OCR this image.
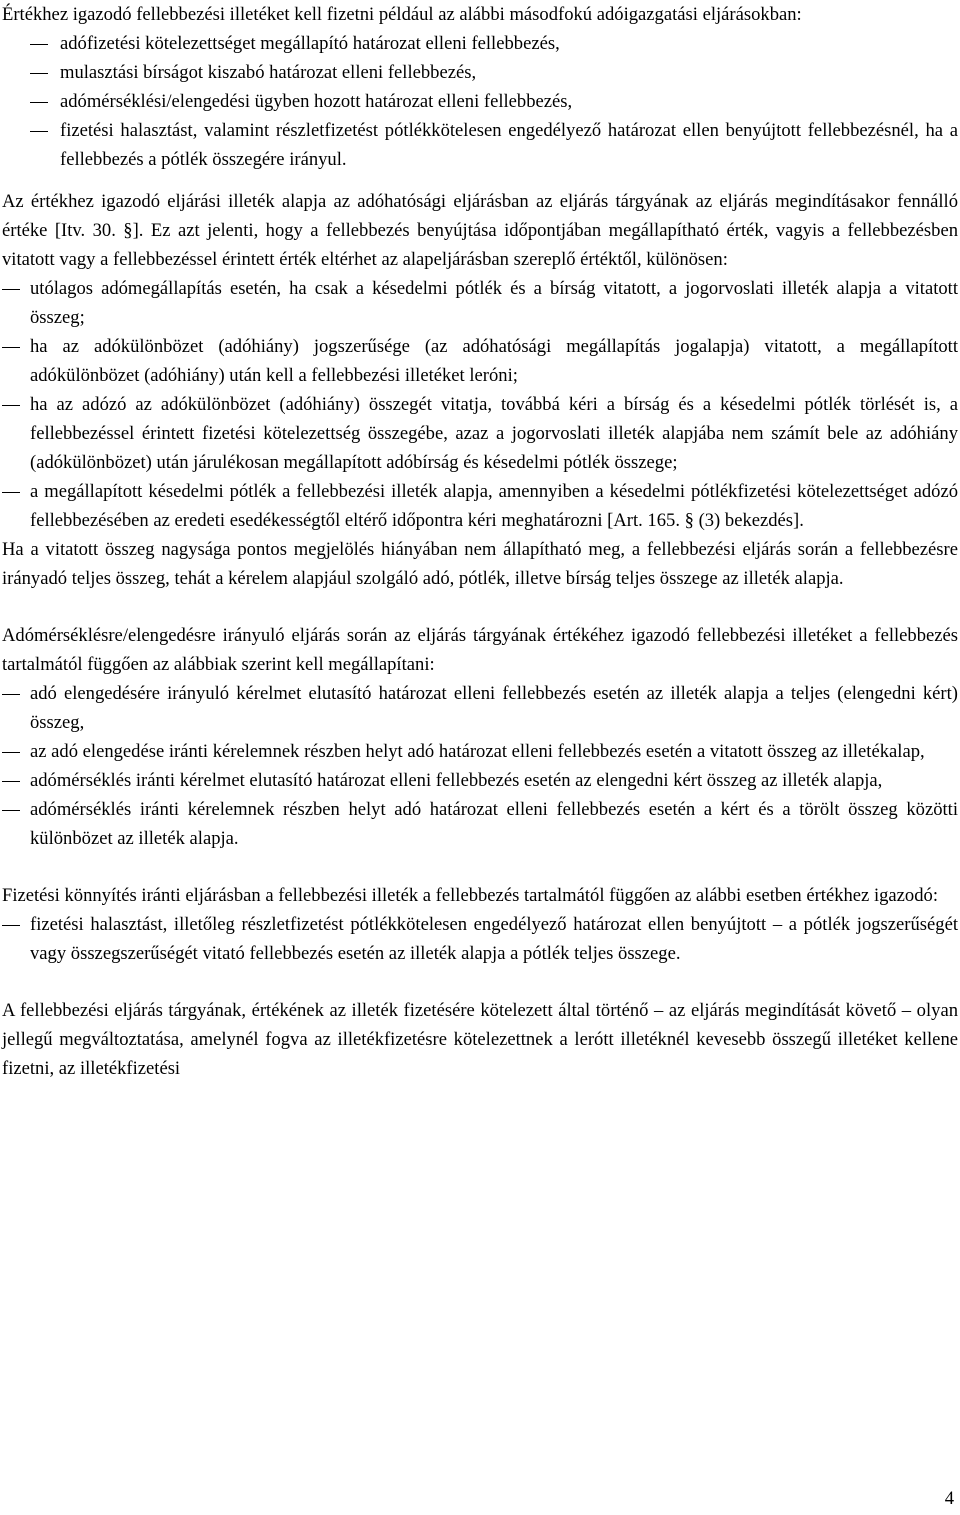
Értékhez igazodó fellebbezési illetéket kell fizetni például az alábbi másodfokú adóigazgatási eljárásokban:

adófizetési kötelezettséget megállapító határozat elleni fellebbezés,
mulasztási bírságot kiszabó határozat elleni fellebbezés,
adómérséklési/elengedési ügyben hozott határozat elleni fellebbezés,
fizetési halasztást, valamint részletfizetést pótlékkötelesen engedélyező határozat ellen benyújtott fellebbezésnél, ha a fellebbezés a pótlék összegére irányul.

Az értékhez igazodó eljárási illeték alapja az adóhatósági eljárásban az eljárás tárgyának az eljárás megindításakor fennálló értéke [Itv. 30. §]. Ez azt jelenti, hogy a fellebbezés benyújtása időpontjában megállapítható érték, vagyis a fellebbezésben vitatott vagy a fellebbezéssel érintett érték eltérhet az alapeljárásban szereplő értéktől, különösen:

utólagos adómegállapítás esetén, ha csak a késedelmi pótlék és a bírság vitatott, a jogorvoslati illeték alapja a vitatott összeg;
ha az adókülönbözet (adóhiány) jogszerűsége (az adóhatósági megállapítás jogalapja) vitatott, a megállapított adókülönbözet (adóhiány) után kell a fellebbezési illetéket leróni;
ha az adózó az adókülönbözet (adóhiány) összegét vitatja, továbbá kéri a bírság és a késedelmi pótlék törlését is, a fellebbezéssel érintett fizetési kötelezettség összegébe, azaz a jogorvoslati illeték alapjába nem számít bele az adóhiány (adókülönbözet) után járulékosan megállapított adóbírság és késedelmi pótlék összege;
a megállapított késedelmi pótlék a fellebbezési illeték alapja, amennyiben a késedelmi pótlékfizetési kötelezettséget adózó fellebbezésében az eredeti esedékességtől eltérő időpontra kéri meghatározni [Art. 165. § (3) bekezdés].

Ha a vitatott összeg nagysága pontos megjelölés hiányában nem állapítható meg, a fellebbezési eljárás során a fellebbezésre irányadó teljes összeg, tehát a kérelem alapjául szolgáló adó, pótlék, illetve bírság teljes összege az illeték alapja.

Adómérséklésre/elengedésre irányuló eljárás során az eljárás tárgyának értékéhez igazodó fellebbezési illetéket a fellebbezés tartalmától függően az alábbiak szerint kell megállapítani:

adó elengedésére irányuló kérelmet elutasító határozat elleni fellebbezés esetén az illeték alapja a teljes (elengedni kért) összeg,
az adó elengedése iránti kérelemnek részben helyt adó határozat elleni fellebbezés esetén a vitatott összeg az illetékalap,
adómérséklés iránti kérelmet elutasító határozat elleni fellebbezés esetén az elengedni kért összeg az illeték alapja,
adómérséklés iránti kérelemnek részben helyt adó határozat elleni fellebbezés esetén a kért és a törölt összeg közötti különbözet az illeték alapja.

Fizetési könnyítés iránti eljárásban a fellebbezési illeték a fellebbezés tartalmától függően az alábbi esetben értékhez igazodó:

fizetési halasztást, illetőleg részletfizetést pótlékkötelesen engedélyező határozat ellen benyújtott – a pótlék jogszerűségét vagy összegszerűségét vitató fellebbezés esetén az illeték alapja a pótlék teljes összege.

A fellebbezési eljárás tárgyának, értékének az illeték fizetésére kötelezett által történő – az eljárás megindítását követő – olyan jellegű megváltoztatása, amelynél fogva az illetékfizetésre kötelezettnek a lerótt illetéknél kevesebb összegű illetéket kellene fizetni, az illetékfizetési

4
